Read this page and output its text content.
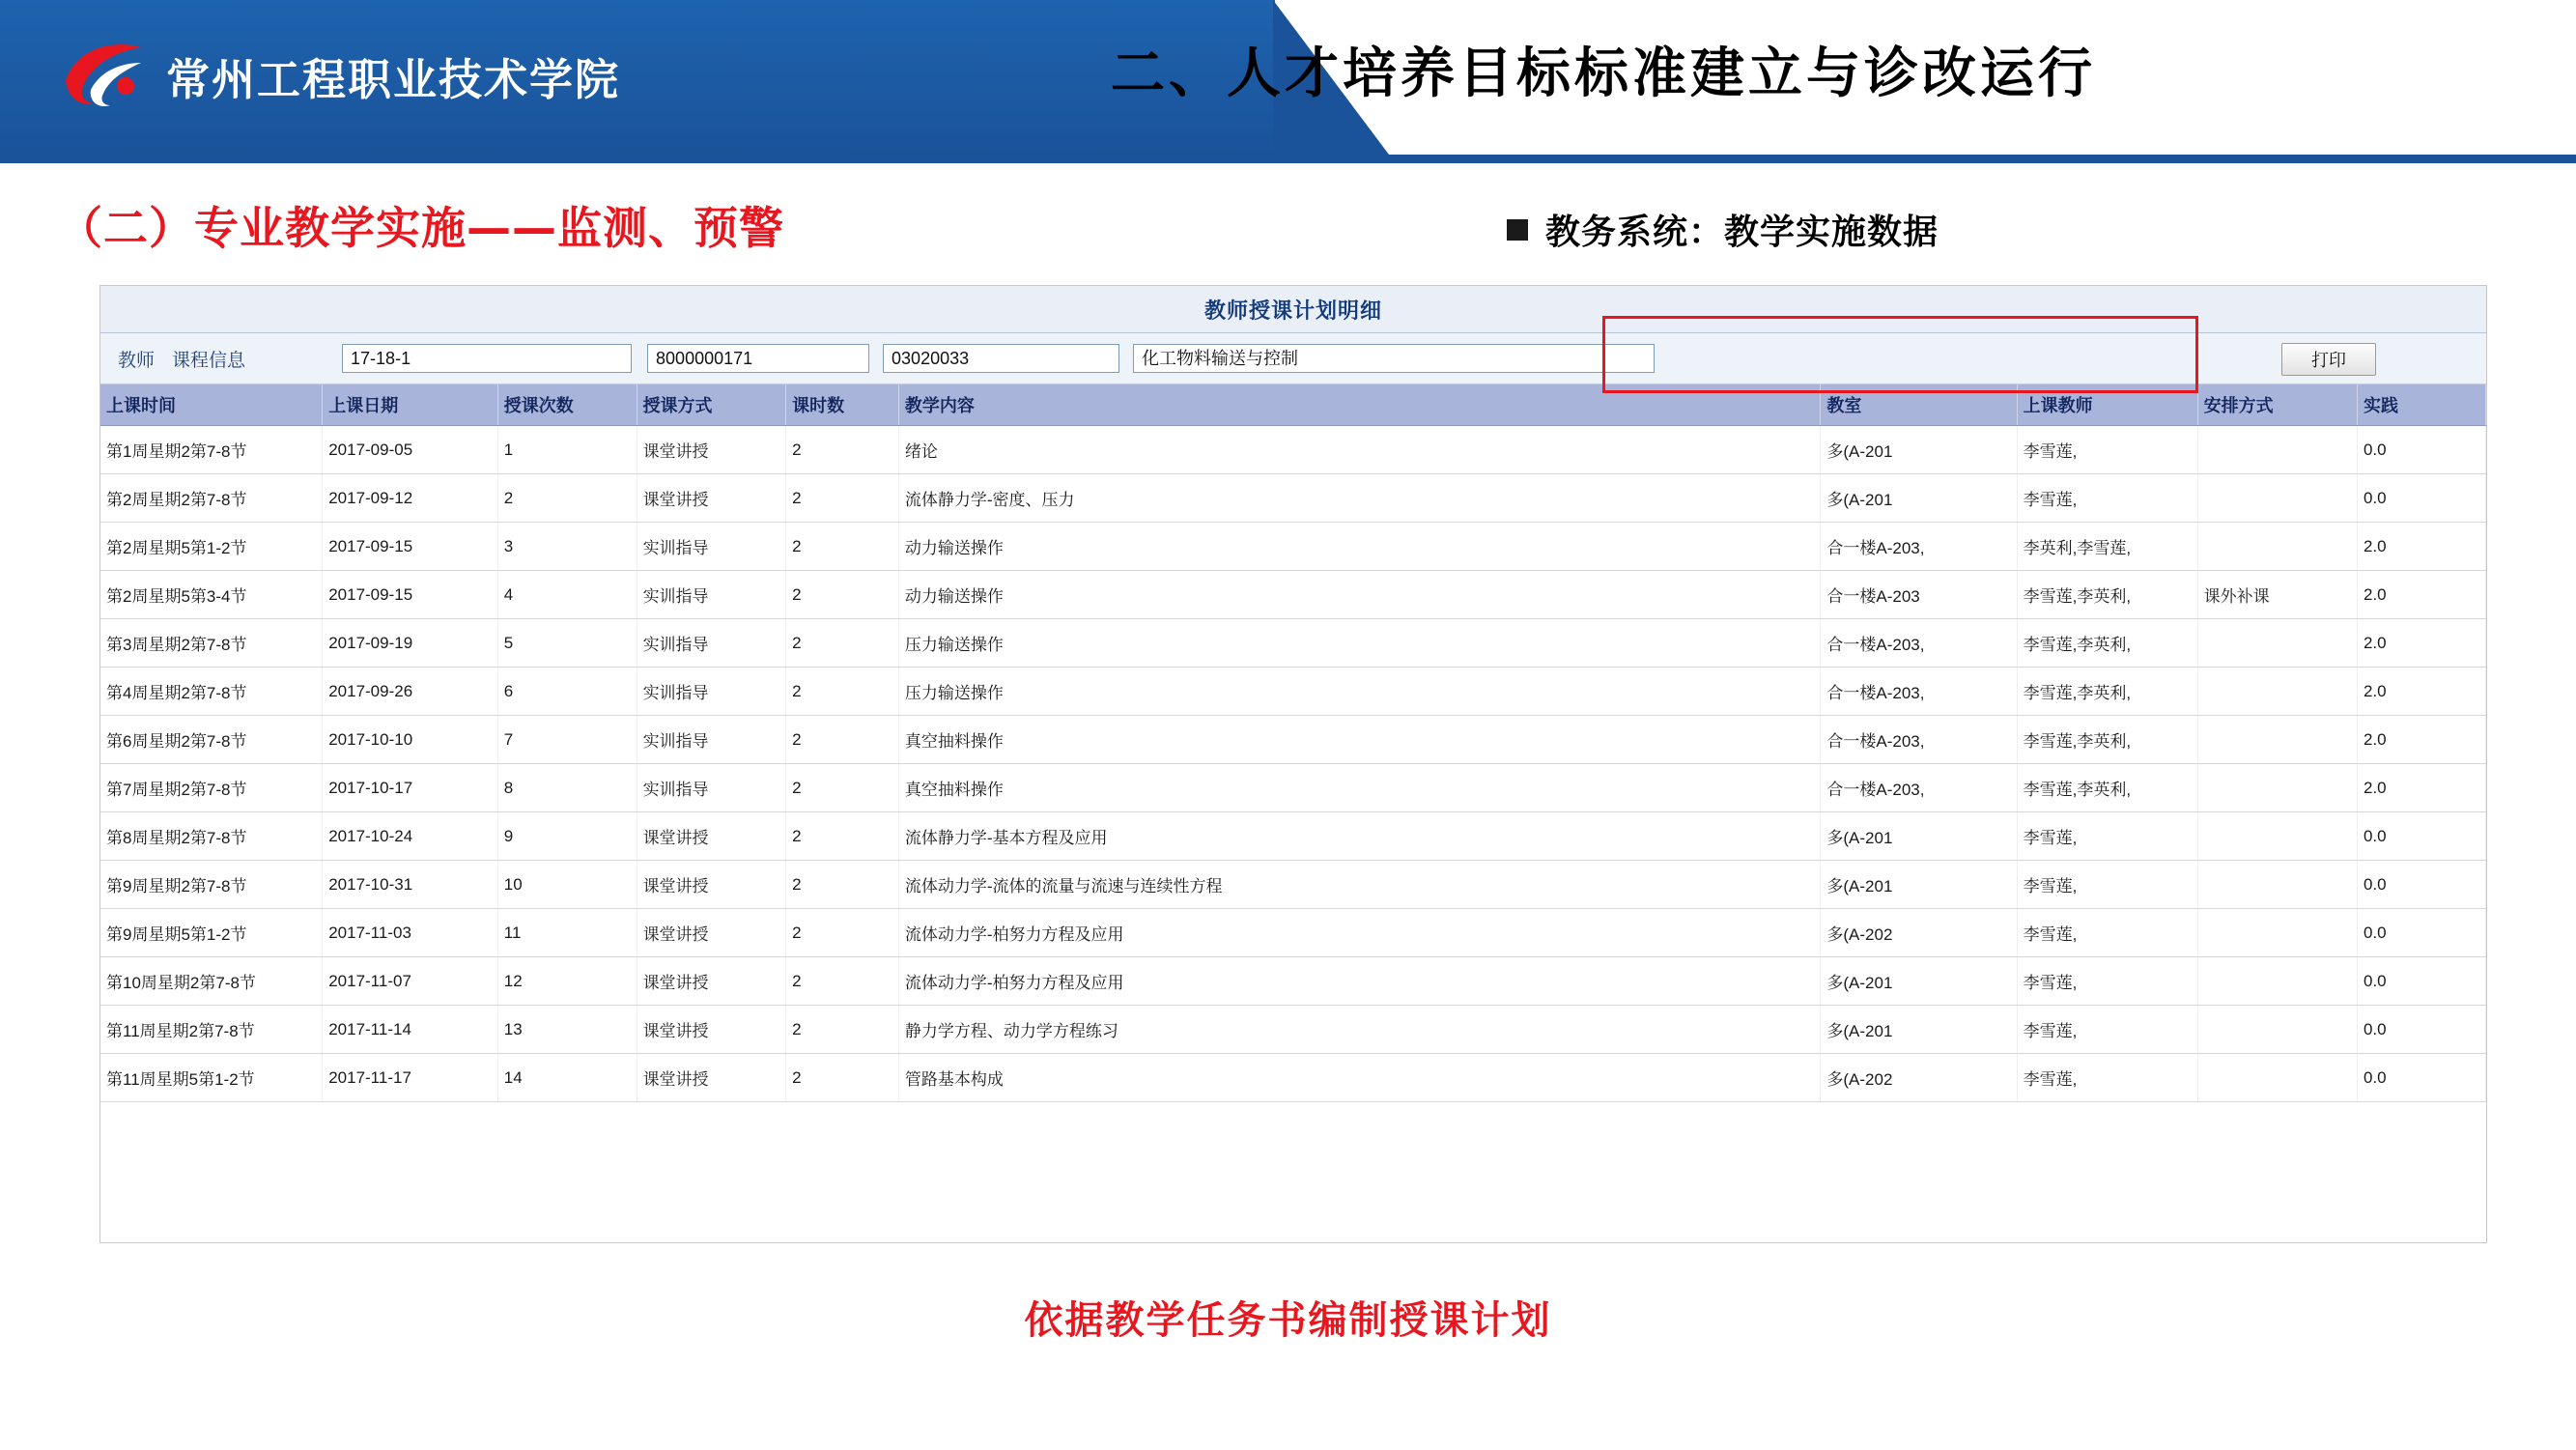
常州工程职业技术学院	二、人才培养目标标准建立与诊改运行
（二）专业教学实施——监测、预警	教务系统：教学实施数据
教师授课计划明细
教师 课程信息
17-18-1
8000000171
03020033
化工物料输送与控制	打印
上课时间	上课日期	授课次数	授课方式	课时数	教学内容	教室	上课教师	安排方式	实践
第1周星期2第7-8节	2017-09-05	1	课堂讲授	2	绪论	多(A-201	李雪莲,		0.0
第2周星期2第7-8节	2017-09-12	2	课堂讲授	2	流体静力学-密度、压力	多(A-201	李雪莲,		0.0
第2周星期5第1-2节	2017-09-15	3	实训指导	2	动力输送操作	合一楼A-203,	李英利,李雪莲,		2.0
第2周星期5第3-4节	2017-09-15	4	实训指导	2	动力输送操作	合一楼A-203	李雪莲,李英利,	课外补课	2.0
第3周星期2第7-8节	2017-09-19	5	实训指导	2	压力输送操作	合一楼A-203,	李雪莲,李英利,		2.0
第4周星期2第7-8节	2017-09-26	6	实训指导	2	压力输送操作	合一楼A-203,	李雪莲,李英利,		2.0
第6周星期2第7-8节	2017-10-10	7	实训指导	2	真空抽料操作	合一楼A-203,	李雪莲,李英利,		2.0
第7周星期2第7-8节	2017-10-17	8	实训指导	2	真空抽料操作	合一楼A-203,	李雪莲,李英利,		2.0
第8周星期2第7-8节	2017-10-24	9	课堂讲授	2	流体静力学-基本方程及应用	多(A-201	李雪莲,		0.0
第9周星期2第7-8节	2017-10-31	10	课堂讲授	2	流体动力学-流体的流量与流速与连续性方程	多(A-201	李雪莲,		0.0
第9周星期5第1-2节	2017-11-03	11	课堂讲授	2	流体动力学-柏努力方程及应用	多(A-202	李雪莲,		0.0
第10周星期2第7-8节	2017-11-07	12	课堂讲授	2	流体动力学-柏努力方程及应用	多(A-201	李雪莲,		0.0
第11周星期2第7-8节	2017-11-14	13	课堂讲授	2	静力学方程、动力学方程练习	多(A-201	李雪莲,		0.0
第11周星期5第1-2节	2017-11-17	14	课堂讲授	2	管路基本构成	多(A-202	李雪莲,		0.0
依据教学任务书编制授课计划
